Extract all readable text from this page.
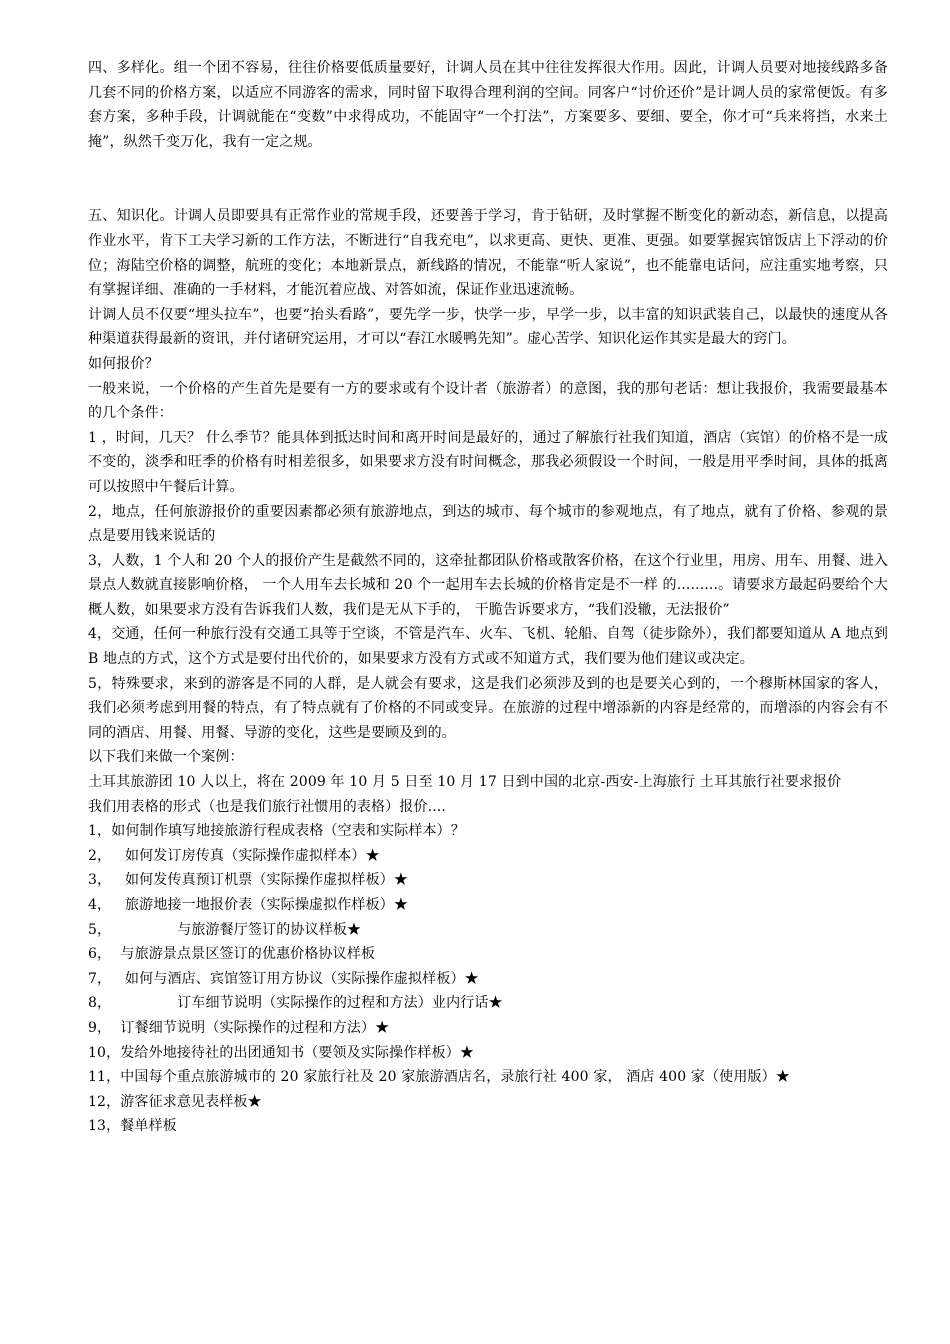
四、多样化。组一个团不容易，往往价格要低质量要好，计调人员在其中往往发挥很大作用。因此，计调人员要对地接线路多备几套不同的价格方案，以适应不同游客的需求，同时留下取得合理利润的空间。同客户“讨价还价”是计调人员的家常便饭。有多套方案，多种手段，计调就能在“变数”中求得成功，不能固守“一个打法”，方案要多、要细、要全，你才可“兵来将挡，水来土掩”，纵然千变万化，我有一定之规。

五、知识化。计调人员即要具有正常作业的常规手段，还要善于学习，肯于钻研，及时掌握不断变化的新动态，新信息，以提高作业水平，肯下工夫学习新的工作方法，不断进行“自我充电”，以求更高、更快、更准、更强。如要掌握宾馆饭店上下浮动的价位；海陆空价格的调整，航班的变化；本地新景点，新线路的情况，不能靠“听人家说”，也不能靠电话问，应注重实地考察，只有掌握详细、准确的一手材料，才能沉着应战、对答如流，保证作业迅速流畅。

计调人员不仅要“埋头拉车”，也要“抬头看路”，要先学一步，快学一步，早学一步，以丰富的知识武装自己，以最快的速度从各种渠道获得最新的资讯，并付诸研究运用，才可以“春江水暖鸭先知”。虚心苦学、知识化运作其实是最大的窍门。

如何报价？

一般来说，一个价格的产生首先是要有一方的要求或有个设计者（旅游者）的意图，我的那句老话：想让我报价，我需要最基本的几个条件：

1 ，时间，几天？ 什么季节？能具体到抵达时间和离开时间是最好的，通过了解旅行社我们知道，酒店（宾馆）的价格不是一成不变的，淡季和旺季的价格有时相差很多，如果要求方没有时间概念，那我必须假设一个时间，一般是用平季时间，具体的抵离可以按照中午餐后计算。

2，地点，任何旅游报价的重要因素都必须有旅游地点，到达的城市、每个城市的参观地点，有了地点，就有了价格、参观的景点是要用钱来说话的

3，人数，1 个人和 20 个人的报价产生是截然不同的，这牵扯都团队价格或散客价格，在这个行业里，用房、用车、用餐、进入景点人数就直接影响价格， 一个人用车去长城和 20 个一起用车去长城的价格肯定是不一样 的.........。请要求方最起码要给个大概人数，如果要求方没有告诉我们人数，我们是无从下手的， 干脆告诉要求方，“我们没辙，无法报价”

4，交通，任何一种旅行没有交通工具等于空谈，不管是汽车、火车、飞机、轮船、自驾（徒步除外），我们都要知道从 A 地点到 B 地点的方式，这个方式是要付出代价的，如果要求方没有方式或不知道方式，我们要为他们建议或决定。

5，特殊要求，来到的游客是不同的人群，是人就会有要求，这是我们必须涉及到的也是要关心到的，一个穆斯林国家的客人，我们必须考虑到用餐的特点，有了特点就有了价格的不同或变异。在旅游的过程中增添新的内容是经常的，而增添的内容会有不同的酒店、用餐、用餐、导游的变化，这些是要顾及到的。

以下我们来做一个案例：

土耳其旅游团 10 人以上，将在 2009 年 10 月 5 日至 10 月 17 日到中国的北京-西安-上海旅行 土耳其旅行社要求报价

我们用表格的形式（也是我们旅行社惯用的表格）报价....

1，如何制作填写地接旅游行程成表格（空表和实际样本）？

2， 如何发订房传真（实际操作虚拟样本）★

3， 如何发传真预订机票（实际操作虚拟样板）★

4， 旅游地接一地报价表（实际操虚拟作样板）★

5，	与旅游餐厅签订的协议样板★

6， 与旅游景点景区签订的优惠价格协议样板

7， 如何与酒店、宾馆签订用方协议（实际操作虚拟样板）★

8，	订车细节说明（实际操作的过程和方法）业内行话★

9， 订餐细节说明（实际操作的过程和方法）★

10，发给外地接待社的出团通知书（要领及实际操作样板）★

11，中国每个重点旅游城市的 20 家旅行社及 20 家旅游酒店名，录旅行社 400 家， 酒店 400 家（使用版）★

12，游客征求意见表样板★

13，餐单样板
